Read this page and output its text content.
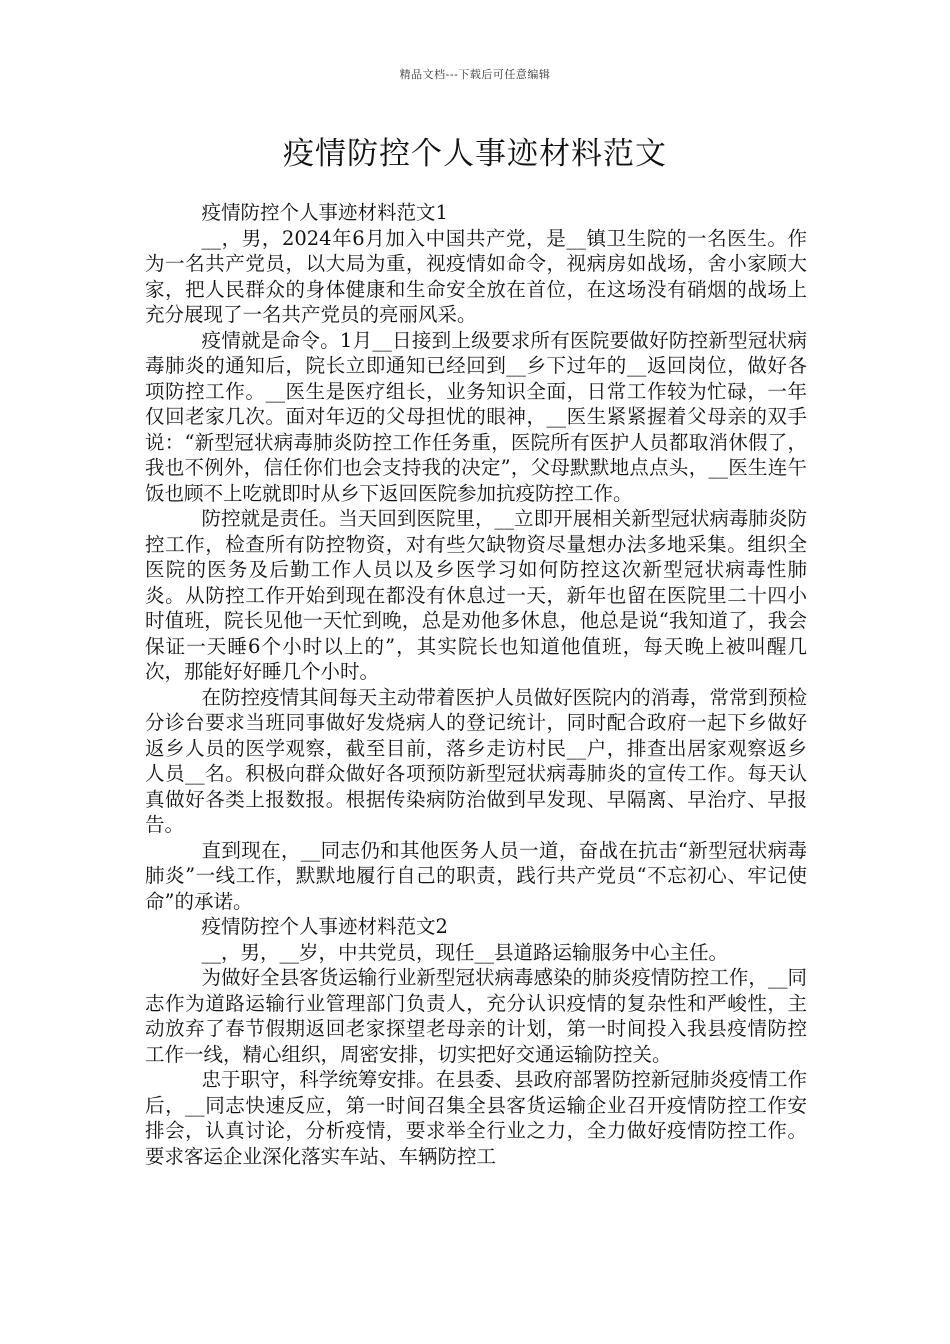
精品文档---下载后可任意编辑
疫情防控个人事迹材料范文

疫情防控个人事迹材料范文1

__，男，2024年6月加入中国共产党，是__镇卫生院的一名医生。作为一名共产党员，以大局为重，视疫情如命令，视病房如战场，舍小家顾大家，把人民群众的身体健康和生命安全放在首位，在这场没有硝烟的战场上充分展现了一名共产党员的亮丽风采。

疫情就是命令。1月__日接到上级要求所有医院要做好防控新型冠状病毒肺炎的通知后，院长立即通知已经回到__乡下过年的__返回岗位，做好各项防控工作。__医生是医疗组长，业务知识全面，日常工作较为忙碌，一年仅回老家几次。面对年迈的父母担忧的眼神，__医生紧紧握着父母亲的双手说：“新型冠状病毒肺炎防控工作任务重，医院所有医护人员都取消休假了，我也不例外，信任你们也会支持我的决定”，父母默默地点点头，__医生连午饭也顾不上吃就即时从乡下返回医院参加抗疫防控工作。

防控就是责任。当天回到医院里，__立即开展相关新型冠状病毒肺炎防控工作，检查所有防控物资，对有些欠缺物资尽量想办法多地采集。组织全医院的医务及后勤工作人员以及乡医学习如何防控这次新型冠状病毒性肺炎。从防控工作开始到现在都没有休息过一天，新年也留在医院里二十四小时值班，院长见他一天忙到晚，总是劝他多休息，他总是说“我知道了，我会保证一天睡6个小时以上的”，其实院长也知道他值班，每天晚上被叫醒几次，那能好好睡几个小时。

在防控疫情其间每天主动带着医护人员做好医院内的消毒，常常到预检分诊台要求当班同事做好发烧病人的登记统计，同时配合政府一起下乡做好返乡人员的医学观察，截至目前，落乡走访村民__户，排查出居家观察返乡人员__名。积极向群众做好各项预防新型冠状病毒肺炎的宣传工作。每天认真做好各类上报数报。根据传染病防治做到早发现、早隔离、早治疗、早报告。

直到现在，__同志仍和其他医务人员一道，奋战在抗击“新型冠状病毒肺炎”一线工作，默默地履行自己的职责，践行共产党员“不忘初心、牢记使命”的承诺。

疫情防控个人事迹材料范文2

__，男，__岁，中共党员，现任__县道路运输服务中心主任。

为做好全县客货运输行业新型冠状病毒感染的肺炎疫情防控工作，__同志作为道路运输行业管理部门负责人，充分认识疫情的复杂性和严峻性，主动放弃了春节假期返回老家探望老母亲的计划，第一时间投入我县疫情防控工作一线，精心组织，周密安排，切实把好交通运输防控关。

忠于职守，科学统筹安排。在县委、县政府部署防控新冠肺炎疫情工作后，__同志快速反应，第一时间召集全县客货运输企业召开疫情防控工作安排会，认真讨论，分析疫情，要求举全行业之力，全力做好疫情防控工作。要求客运企业深化落实车站、车辆防控工
